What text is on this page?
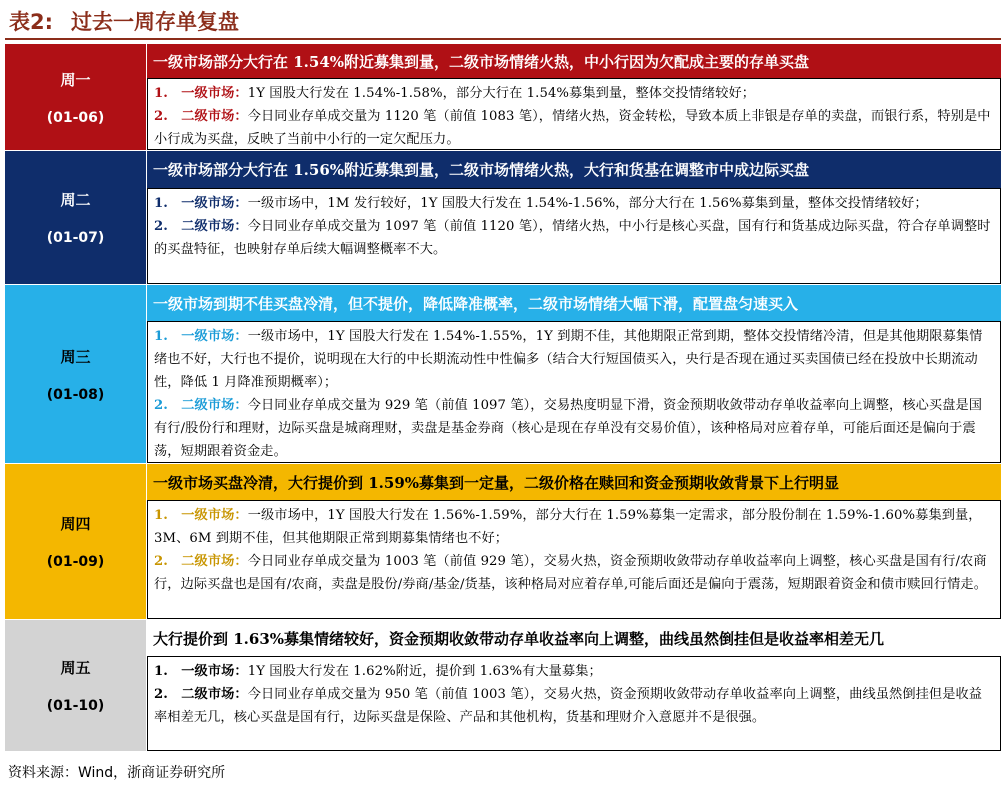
表2: 过去一周存单复盘
周一
(01-06)
一级市场部分大行在 1.54%附近募集到量，二级市场情绪火热，中小行因为欠配成主要的存单买盘

1.　一级市场：1Y 国股大行发在 1.54%-1.58%，部分大行在 1.54%募集到量，整体交投情绪较好；

2.　二级市场：今日同业存单成交量为 1120 笔（前值 1083 笔），情绪火热，资金转松，导致本质上非银是存单的卖盘，而银行系，特别是中小行成为买盘，反映了当前中小行的一定欠配压力。

周二
(01-07)
一级市场部分大行在 1.56%附近募集到量，二级市场情绪火热，大行和货基在调整市中成边际买盘

1.　一级市场：一级市场中，1M 发行较好，1Y 国股大行发在 1.54%-1.56%，部分大行在 1.56%募集到量，整体交投情绪较好；

2.　二级市场：今日同业存单成交量为 1097 笔（前值 1120 笔），情绪火热，中小行是核心买盘，国有行和货基成边际买盘，符合存单调整时的买盘特征，也映射存单后续大幅调整概率不大。

周三
(01-08)
一级市场到期不佳买盘冷清，但不提价，降低降准概率，二级市场情绪大幅下滑，配置盘匀速买入

1.　一级市场：一级市场中，1Y 国股大行发在 1.54%-1.55%，1Y 到期不佳，其他期限正常到期，整体交投情绪冷清，但是其他期限募集情绪也不好，大行也不提价，说明现在大行的中长期流动性中性偏多（结合大行短国债买入，央行是否现在通过买卖国债已经在投放中长期流动性，降低 1 月降准预期概率）；

2.　二级市场：今日同业存单成交量为 929 笔（前值 1097 笔），交易热度明显下滑，资金预期收敛带动存单收益率向上调整，核心买盘是国有行/股份行和理财，边际买盘是城商理财，卖盘是基金券商（核心是现在存单没有交易价值），该种格局对应着存单，可能后面还是偏向于震荡，短期跟着资金走。

周四
(01-09)
一级市场买盘冷清，大行提价到 1.59%募集到一定量，二级价格在赎回和资金预期收敛背景下上行明显

1.　一级市场：一级市场中，1Y 国股大行发在 1.56%-1.59%，部分大行在 1.59%募集一定需求，部分股份制在 1.59%-1.60%募集到量，3M、6M 到期不佳，但其他期限正常到期募集情绪也不好；

2.　二级市场：今日同业存单成交量为 1003 笔（前值 929 笔），交易火热，资金预期收敛带动存单收益率向上调整，核心买盘是国有行/农商行，边际买盘也是国有/农商，卖盘是股份/券商/基金/货基，该种格局对应着存单,可能后面还是偏向于震荡，短期跟着资金和债市赎回行情走。

周五
(01-10)
大行提价到 1.63%募集情绪较好，资金预期收敛带动存单收益率向上调整，曲线虽然倒挂但是收益率相差无几

1.　一级市场：1Y 国股大行发在 1.62%附近，提价到 1.63%有大量募集；

2.　二级市场：今日同业存单成交量为 950 笔（前值 1003 笔），交易火热，资金预期收敛带动存单收益率向上调整，曲线虽然倒挂但是收益率相差无几，核心买盘是国有行，边际买盘是保险、产品和其他机构，货基和理财介入意愿并不是很强。

资料来源：Wind，浙商证券研究所
